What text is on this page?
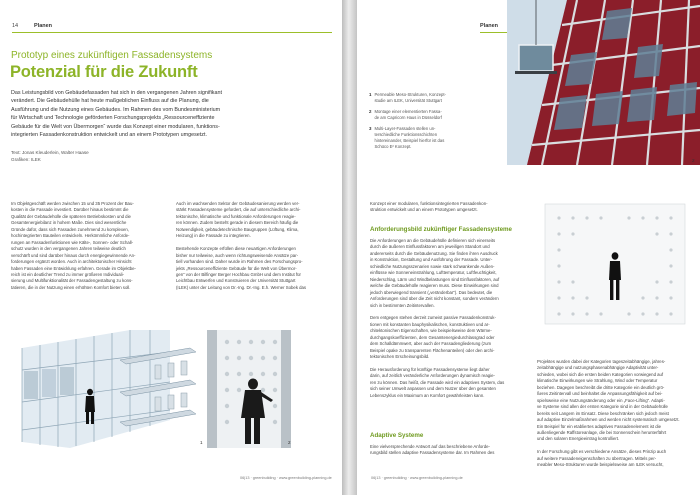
14	Planen
Prototyp eines zukünftigen Fassadensystems
Potenzial für die Zukunft
Das Leistungsbild von Gebäudefassaden hat sich in den vergangenen Jahren signifikant
verändert. Die Gebäudehülle hat heute maßgeblichen Einfluss auf die Planung, die
Ausführung und die Nutzung eines Gebäudes. Im Rahmen des vom Bundesministerium
für Wirtschaft und Technologie geförderten Forschungsprojekts „Ressourceneffiziente
Gebäude für die Welt von Übermorgen“ wurde das Konzept einer modularen, funktions-
integrierten Fassadenkonstruktion entwickelt und an einem Prototypen umgesetzt.
Text: Jonas Kleuderlein, Walter Haase
Grafiken: ILEK
Im Objektgeschäft werden zwischen 15 und 35 Prozent der Bau-
kosten in die Fassade investiert. Darüber hinaus bestimmt die
Qualität der Gebäudehülle die späteren Betriebskosten und die
Gesamtenergiebilanz in hohem Maße. Dies sind wesentliche
Gründe dafür, dass sich Fassaden zunehmend zu komplexen,
hochintegrierten Bauteilen entwickeln. Herkömmliche Anforde-
rungen an Fassadenfunktionen wie Kälte-, Sonnen- oder Schall-
schutz wurden in den vergangenen Jahren teilweise deutlich
verschärft und sind darüber hinaus durch energiegewinnende An-
forderungen ergänzt worden. Auch in architektonischer Hinsicht
haben Fassaden eine Entwicklung erfahren. Gerade im Objektbe-
reich ist ein deutlicher Trend zu immer größeren Individuali-
sierung und Multifunktionalität der Fassadengestaltung zu kons-
tatieren, die in der Nutzung einen erhöhten Komfort bieten soll.
Auch im wachsenden Sektor der Gebäudesanierung werden ver-
stärkt Fassadensysteme gefordert, die auf unterschiedliche archi-
tektonische, klimatische und funktionale Anforderungen reagie-
ren können. Zudem besteht gerade in diesem Bereich häufig die
Notwendigkeit, gebäudetechnische Baugruppen (Lüftung, Klima,
Heizung) in die Fassade zu integrieren.
Bestehende Konzepte erfüllen diese neuartigen Anforderungen
bisher nur teilweise, auch wenn richtungsweisende Ansätze par-
tiell vorhanden sind. Daher wurde im Rahmen des Forschungspro-
jekts „Ressourceneffiziente Gebäude für die Welt von Übermor-
gen“ von der Bilfinger Berger Hochbau GmbH und dem Institut für
Leichtbau Entwerfen und Konstruieren der Universität Stuttgart
(ILEK) unter der Leitung von Dr.-Ing. Dr.-Ing. E.h. Werner Sobek das
1	2
06|13 · greenbuilding · www.greenbuilding-planning.de
Planen
2
1 Permeable Meso-Strukturen, Konzept-
studie am ILEK, Universität Stuttgart
2 Montage einer elementierten Fassa-
de am Capricorn Haus in Düsseldorf
3 Multi-Layer-Fassaden stellen un-
terschiedliche Funktionsschichten
hintereinander, Beispiel hierfür ist das
Schüco E² Konzept.
Konzept einer modularen, funktionsintegrierten Fassadenkon-
struktion entwickelt und an einem Prototypen umgesetzt.
Anforderungsbild zukünftiger Fassadensysteme
Die Anforderungen an die Gebäudehülle definieren sich einerseits
durch die äußeren Einflussfaktoren am jeweiligen Standort und
andererseits durch die Gebäudenutzung. Sie finden ihren Ausdruck
in Konstruktion, Gestaltung und Ausführung der Fassade. Unter-
schiedliche Nutzungsszenarien sowie stark schwankende Außen-
einflüsse wie Sonneneinstrahlung, Lufttemperatur, Luftfeuchtigkeit,
Niederschlag, Lärm und Windbelastungen sind Einflussfaktoren, auf
welche die Gebäudehülle reagieren muss. Diese Einwirkungen sind
jedoch überwiegend transient („veränderbar“). Das bedeutet, die
Anforderungen sind über die Zeit nicht konstant, sondern verändern
sich in bestimmten Zeitintervallen.
Dem entgegen stehen derzeit zumeist passive Fassadenkonstruk-
tionen mit konstanten bauphysikalischen, konstruktiven und ar-
chitektonischen Eigenschaften, wie beispielsweise dem Wärme-
durchgangskoeffizienten, dem Gesamtenergiedurchlassgrad oder
dem Schalldämmwert, aber auch der Fassadengliederung (zum
Beispiel opake zu transparenten Flächenanteilen) oder den archi-
tektonischen Erscheinungsbild.
Die Herausforderung für künftige Fassadensysteme liegt daher
darin, auf zeitlich veränderliche Anforderungen dynamisch reagie-
ren zu können. Das heißt, die Fassade wird ein adaptives System, das
sich seiner Umwelt anpassen und dem Nutzer über den gesamten
Lebenszyklus ein Maximum an Komfort gewährleisten kann.
Adaptive Systeme
Eine vielversprechende Antwort auf das beschriebene Anforde-
rungsbild stellen adaptive Fassadensysteme dar. Im Rahmen des
Projektes wurden dabei der Kategorien tageszeitabhängige, jahres-
zeitabhängige und nutzungsphasenabhängige Adaptivität unter-
schieden, wobei sich die ersten beiden Kategorien vorwiegend auf
klimatische Einwirkungen wie Strahlung, Wind oder Temperatur
beziehen. Dagegen beschreibt die dritte Kategorie ein deutlich grö-
ßeres Zeitintervall und beinhaltet die Anpassungsfähigkeit auf bei-
spielsweise eine Nutzungsänderung oder ein „Face-Lifting“. Adapti-
ve Systeme sind allen der ersten Kategorie sind in der Gebäudehülle
bereits seit Langem im Einsatz. Diese beschränken sich jedoch meist
auf adaptive Einzelmaßnahmen und werden nicht systematisch umgesetzt.
Ein Beispiel für ein etabliertes adaptives Fassadenelement ist die
außenliegende Raffstoreanlage, die bei Sonnenschein herunterfährt
und den solaren Energieeintrag kontrolliert.
In der Forschung gibt es verschiedene Ansätze, dieses Prinzip auch
auf weitere Fassadeneigenschaften zu übertragen. Mittels per-
meabler Meso-Strukturen wurde beispielsweise am ILEK versucht,
06|13 · greenbuilding · www.greenbuilding-planning.de
